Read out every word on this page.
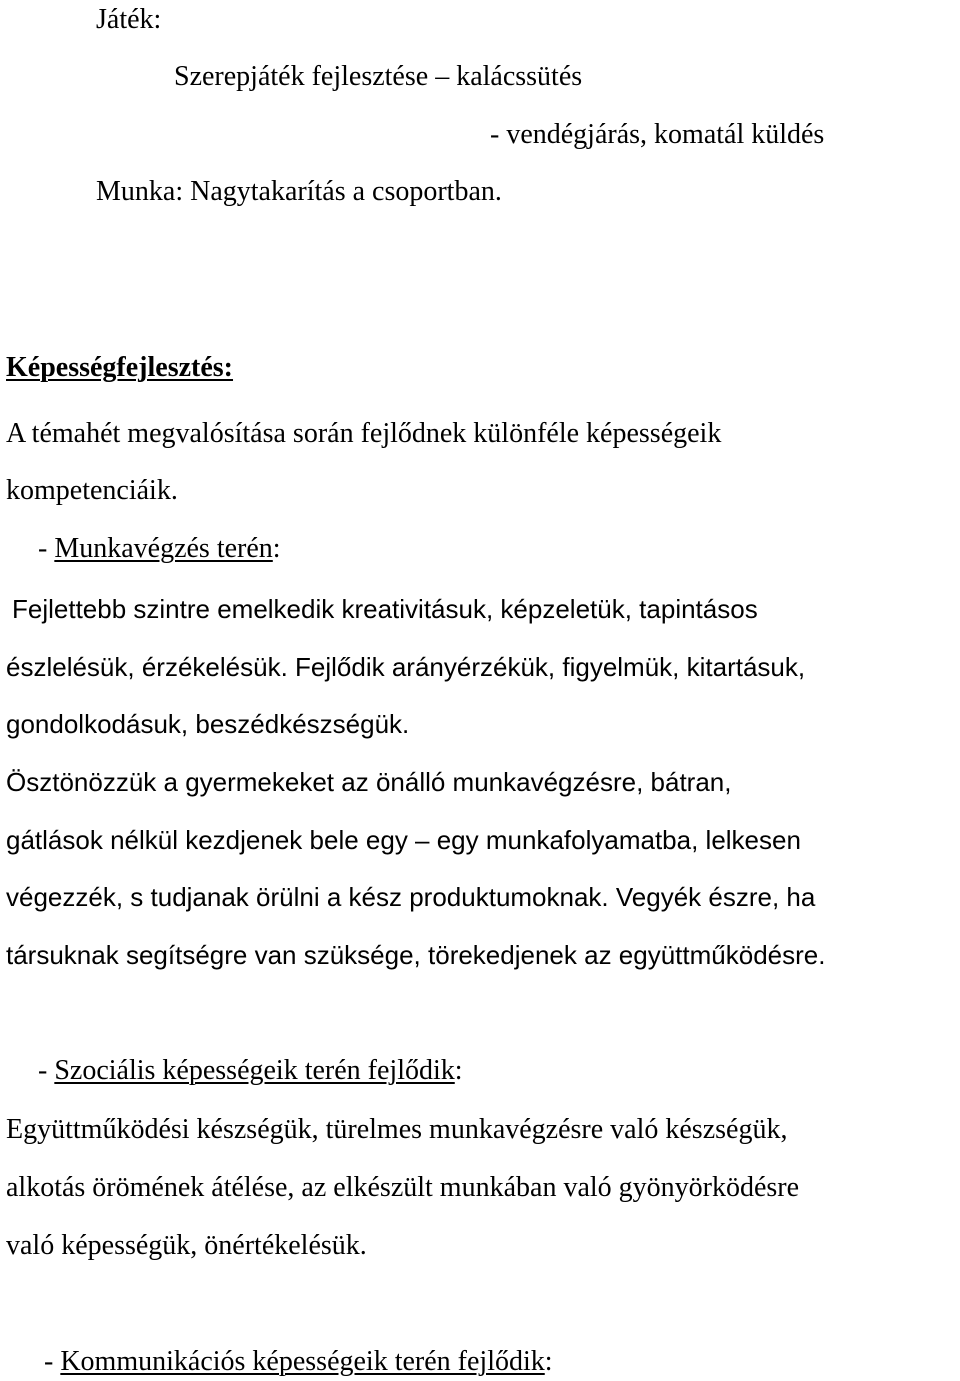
Játék:
Szerepjáték fejlesztése – kalácssütés
- vendégjárás, komatál küldés
Munka: Nagytakarítás a csoportban.
Képességfejlesztés:
A témahét megvalósítása során fejlődnek különféle képességeik
kompetenciáik.
- Munkavégzés terén:
Fejlettebb szintre emelkedik kreativitásuk, képzeletük, tapintásos
észlelésük, érzékelésük. Fejlődik arányérzékük, figyelmük, kitartásuk,
gondolkodásuk, beszédkészségük.
Ösztönözzük a gyermekeket az önálló munkavégzésre, bátran,
gátlások nélkül kezdjenek bele egy – egy munkafolyamatba, lelkesen
végezzék, s tudjanak örülni a kész produktumoknak. Vegyék észre, ha
társuknak segítségre van szüksége, törekedjenek az együttműködésre.
- Szociális képességeik terén fejlődik:
Együttműködési készségük, türelmes munkavégzésre való készségük,
alkotás örömének átélése, az elkészült munkában való gyönyörködésre
való képességük, önértékelésük.
- Kommunikációs képességeik terén fejlődik:
